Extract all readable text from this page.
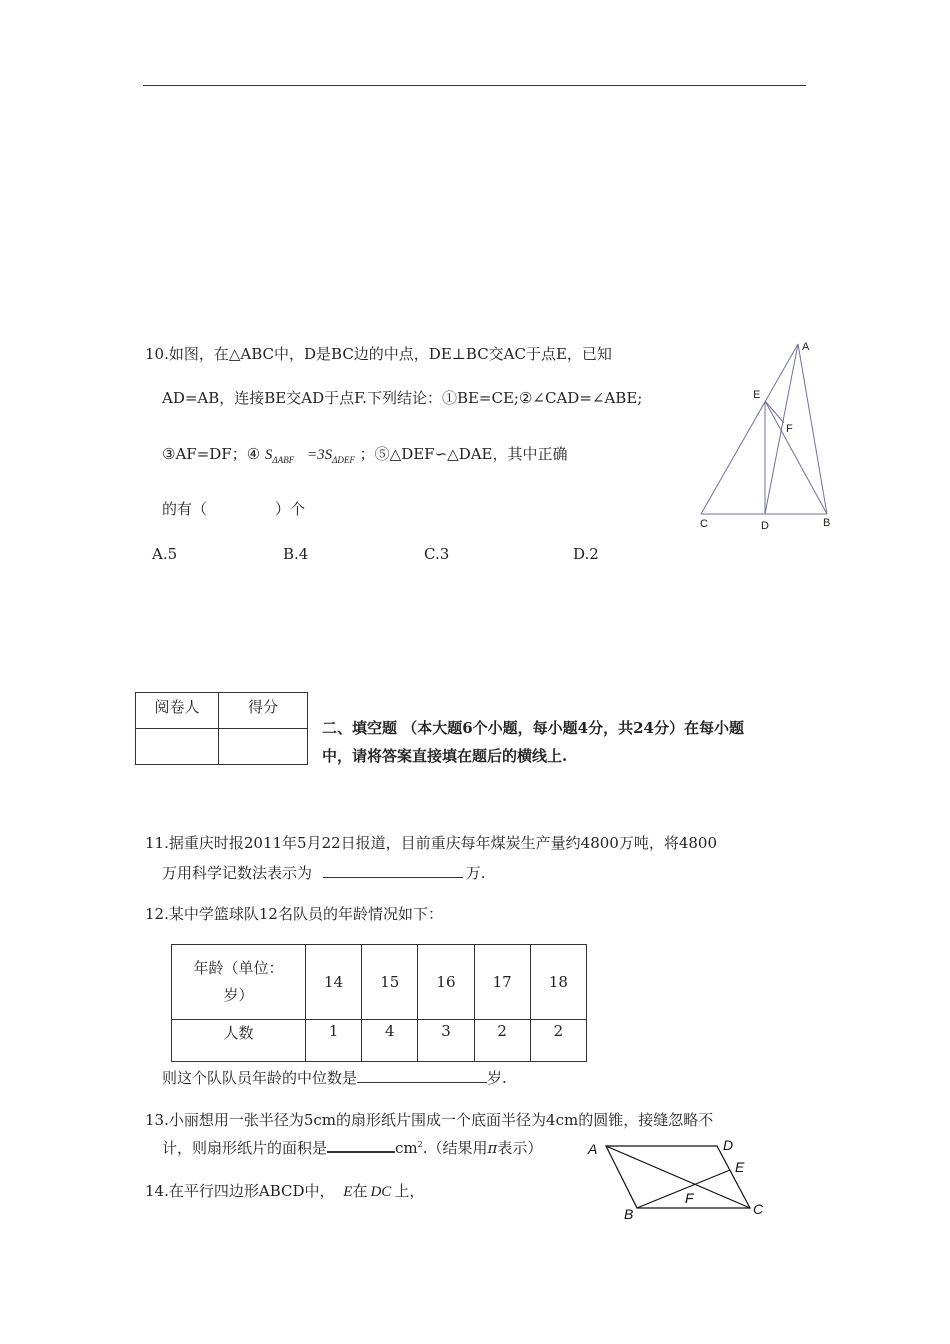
10.如图，在△ABC中，D是BC边的中点，DE⊥BC交AC于点E，已知
AD=AB，连接BE交AD于点F.下列结论：①BE=CE;②∠CAD=∠ABE;
③AF=DF；④ $S_{\Delta ABF} =3S_{\Delta DEF}$ ；⑤△DEF∽△DAE，其中正确
的有（	）个
A.5	B.4	C.3	D.2
A
E
F
C	D	B
阅卷人	得分

二、填空题 （本大题6个小题，每小题4分，共24分）在每小题
中，请将答案直接填在题后的横线上.
11.据重庆时报2011年5月22日报道，目前重庆每年煤炭生产量约4800万吨，将4800
万用科学记数法表示为	万.
12.某中学篮球队12名队员的年龄情况如下：
年龄（单位：
岁）	14	15	16	17	18
人数	1	4	3	2	2
则这个队队员年龄的中位数是	岁.
13.小丽想用一张半径为5cm的扇形纸片围成一个底面半径为4cm的圆锥，接缝忽略不
计，则扇形纸片的面积是	$cm^2$.（结果用π表示）
14.在平行四边形ABCD中， E在 DC 上，
A	D
E
F
B	C
